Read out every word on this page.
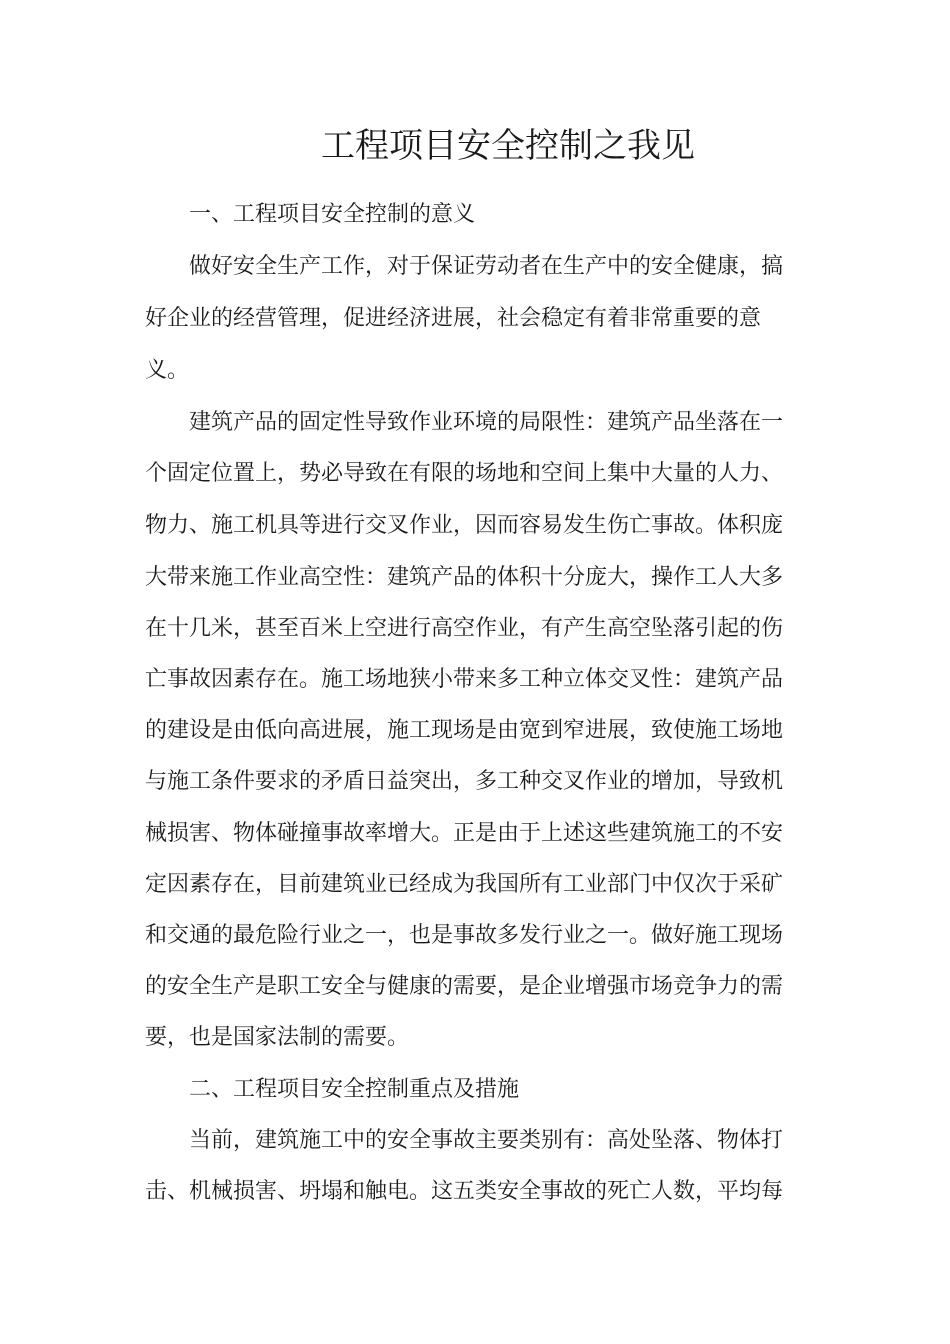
工程项目安全控制之我见

一、工程项目安全控制的意义

做好安全生产工作，对于保证劳动者在生产中的安全健康，搞

好企业的经营管理，促进经济进展，社会稳定有着非常重要的意

义。

建筑产品的固定性导致作业环境的局限性：建筑产品坐落在一

个固定位置上，势必导致在有限的场地和空间上集中大量的人力、

物力、施工机具等进行交叉作业，因而容易发生伤亡事故。体积庞

大带来施工作业高空性：建筑产品的体积十分庞大，操作工人大多

在十几米，甚至百米上空进行高空作业，有产生高空坠落引起的伤

亡事故因素存在。施工场地狭小带来多工种立体交叉性：建筑产品

的建设是由低向高进展，施工现场是由宽到窄进展，致使施工场地

与施工条件要求的矛盾日益突出，多工种交叉作业的增加，导致机

械损害、物体碰撞事故率增大。正是由于上述这些建筑施工的不安

定因素存在，目前建筑业已经成为我国所有工业部门中仅次于采矿

和交通的最危险行业之一，也是事故多发行业之一。做好施工现场

的安全生产是职工安全与健康的需要，是企业增强市场竞争力的需

要，也是国家法制的需要。

二、工程项目安全控制重点及措施

当前，建筑施工中的安全事故主要类别有：高处坠落、物体打

击、机械损害、坍塌和触电。这五类安全事故的死亡人数，平均每
